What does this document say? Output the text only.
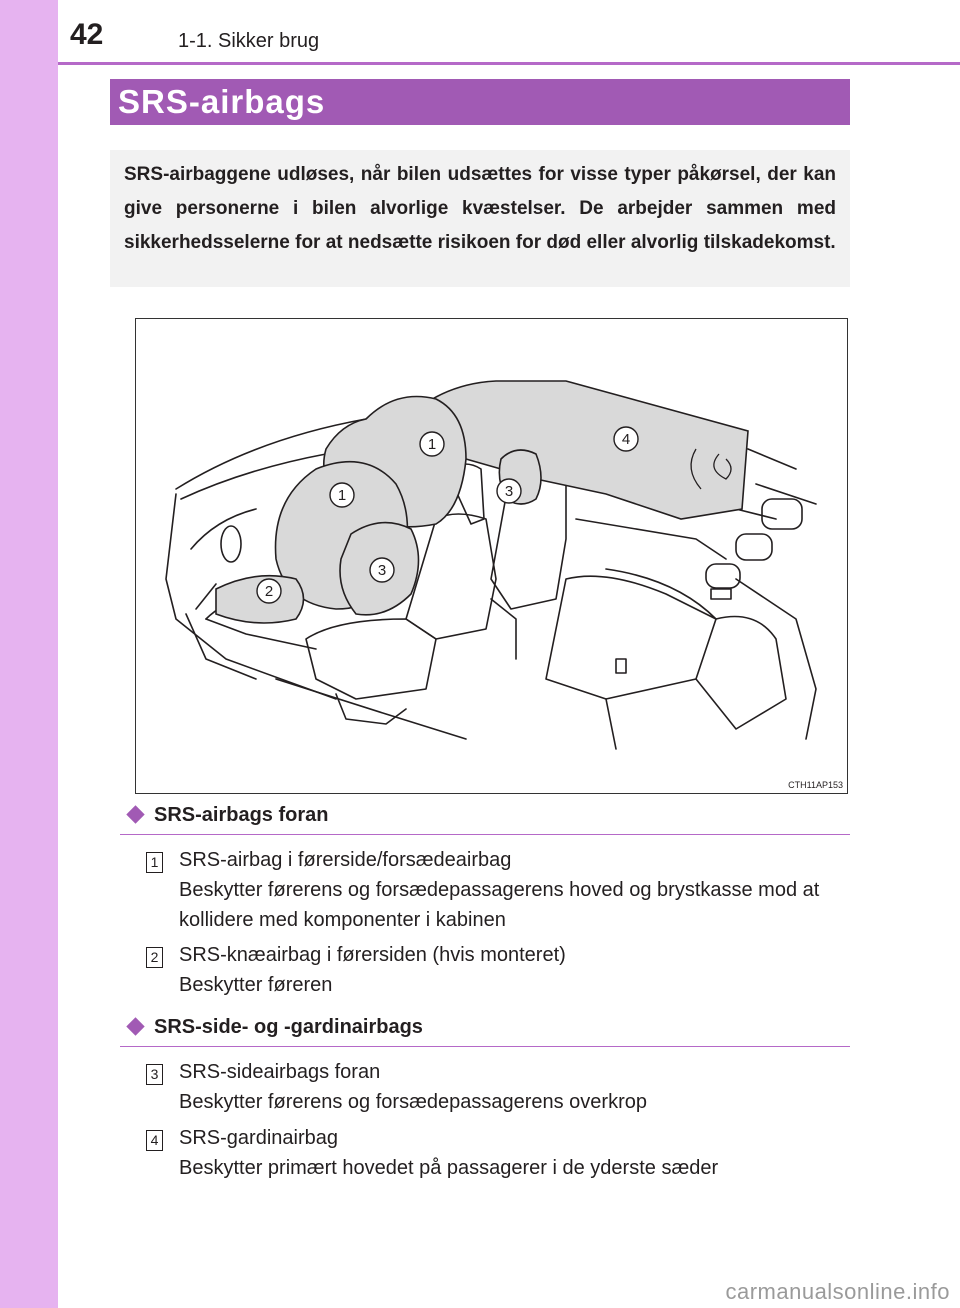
42	1-1. Sikker brug
SRS-airbags
SRS-airbaggene udløses, når bilen udsættes for visse typer påkørsel, der kan give personerne i bilen alvorlige kvæstelser. De arbejder sammen med sikkerhedsselerne for at nedsætte risikoen for død eller alvorlig tilskadekomst.
1
1
2
3
3
4
CTH11AP153
SRS-airbags foran
1 SRS-airbag i førerside/forsædeairbag
Beskytter førerens og forsædepassagerens hoved og brystkasse mod at kollidere med komponenter i kabinen
2 SRS-knæairbag i førersiden (hvis monteret)
Beskytter føreren
SRS-side- og -gardinairbags
3 SRS-sideairbags foran
Beskytter førerens og forsædepassagerens overkrop
4 SRS-gardinairbag
Beskytter primært hovedet på passagerer i de yderste sæder
carmanualsonline.info
